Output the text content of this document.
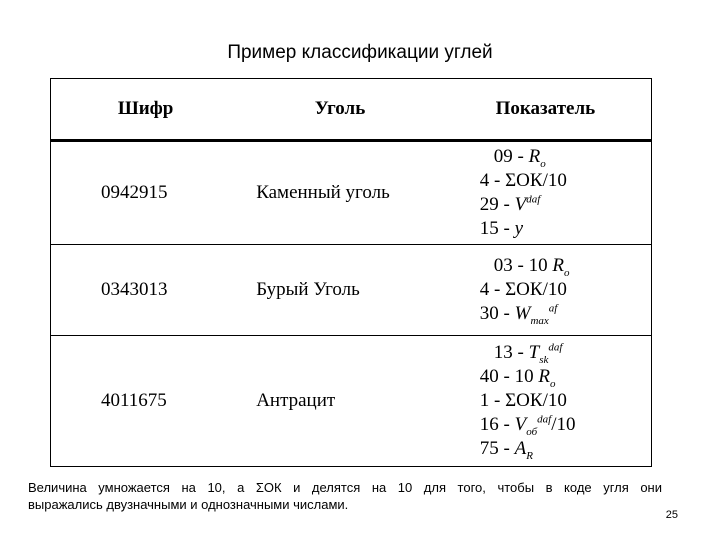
Пример классификации углей
Шифр	Уголь	Показатель
0942915	Каменный уголь	$09 - R_o$
4 - ΣОК/10
$29 - V^{daf}$
15 - y

0343013	Бурый Уголь	03 - 10 $R_o$
4 - ΣОК/10
$30 - W_{max}^{af}$

4011675	Антрацит	$13 - T_{sk}^{daf}$
40 - 10 $R_o$
1 - ΣОК/10
$16 - V_{об}^{daf}/10$
$75 - A_R$
Величина умножается на 10, а ΣОК и делятся на 10 для того, чтобы в коде угля они
выражались двузначными и однозначными числами.
25
